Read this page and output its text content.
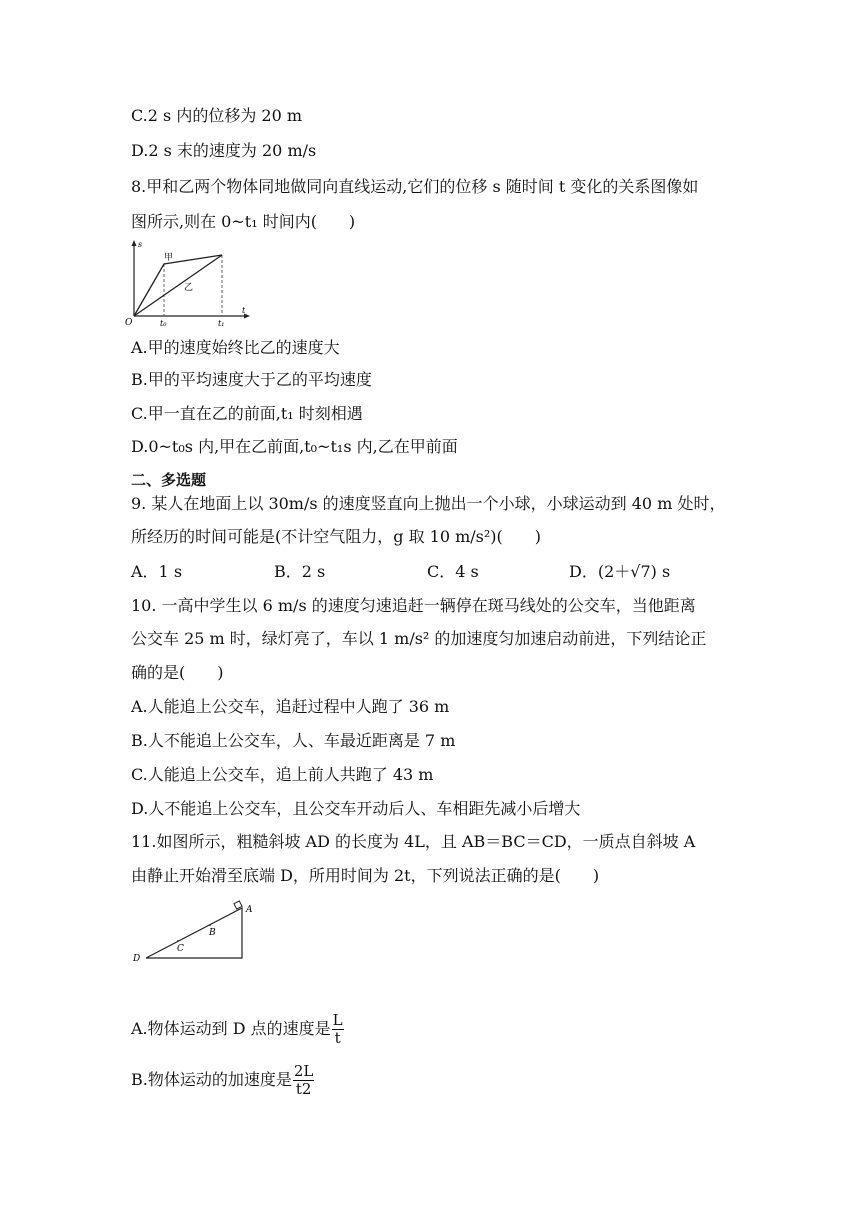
C.2 s 内的位移为 20 m
D.2 s 末的速度为 20 m/s
8.甲和乙两个物体同地做同向直线运动,它们的位移 s 随时间 t 变化的关系图像如
图所示,则在 0~t₁ 时间内(　　)
s
t
O	t₀	t₁
甲
乙
A.甲的速度始终比乙的速度大
B.甲的平均速度大于乙的平均速度
C.甲一直在乙的前面,t₁ 时刻相遇
D.0~t₀s 内,甲在乙前面,t₀~t₁s 内,乙在甲前面
二、多选题
9. 某人在地面上以 30m/s 的速度竖直向上抛出一个小球，小球运动到 40 m 处时，
所经历的时间可能是(不计空气阻力，g 取 10 m/s²)(　　)
A．1 s	B．2 s	C．4 s	D．(2＋√7) s
10. 一高中学生以 6 m/s 的速度匀速追赶一辆停在斑马线处的公交车，当他距离
公交车 25 m 时，绿灯亮了，车以 1 m/s² 的加速度匀加速启动前进，下列结论正
确的是(　　)
A.人能追上公交车，追赶过程中人跑了 36 m
B.人不能追上公交车，人、车最近距离是 7 m
C.人能追上公交车，追上前人共跑了 43 m
D.人不能追上公交车，且公交车开动后人、车相距先减小后增大
11.如图所示，粗糙斜坡 AD 的长度为 4L，且 AB＝BC＝CD，一质点自斜坡 A
由静止开始滑至底端 D，所用时间为 2t，下列说法正确的是(　　)
A
B
C
D
A.物体运动到 D 点的速度是 $\frac{L}{t}$
B.物体运动的加速度是 $\frac{2L}{t2}$
